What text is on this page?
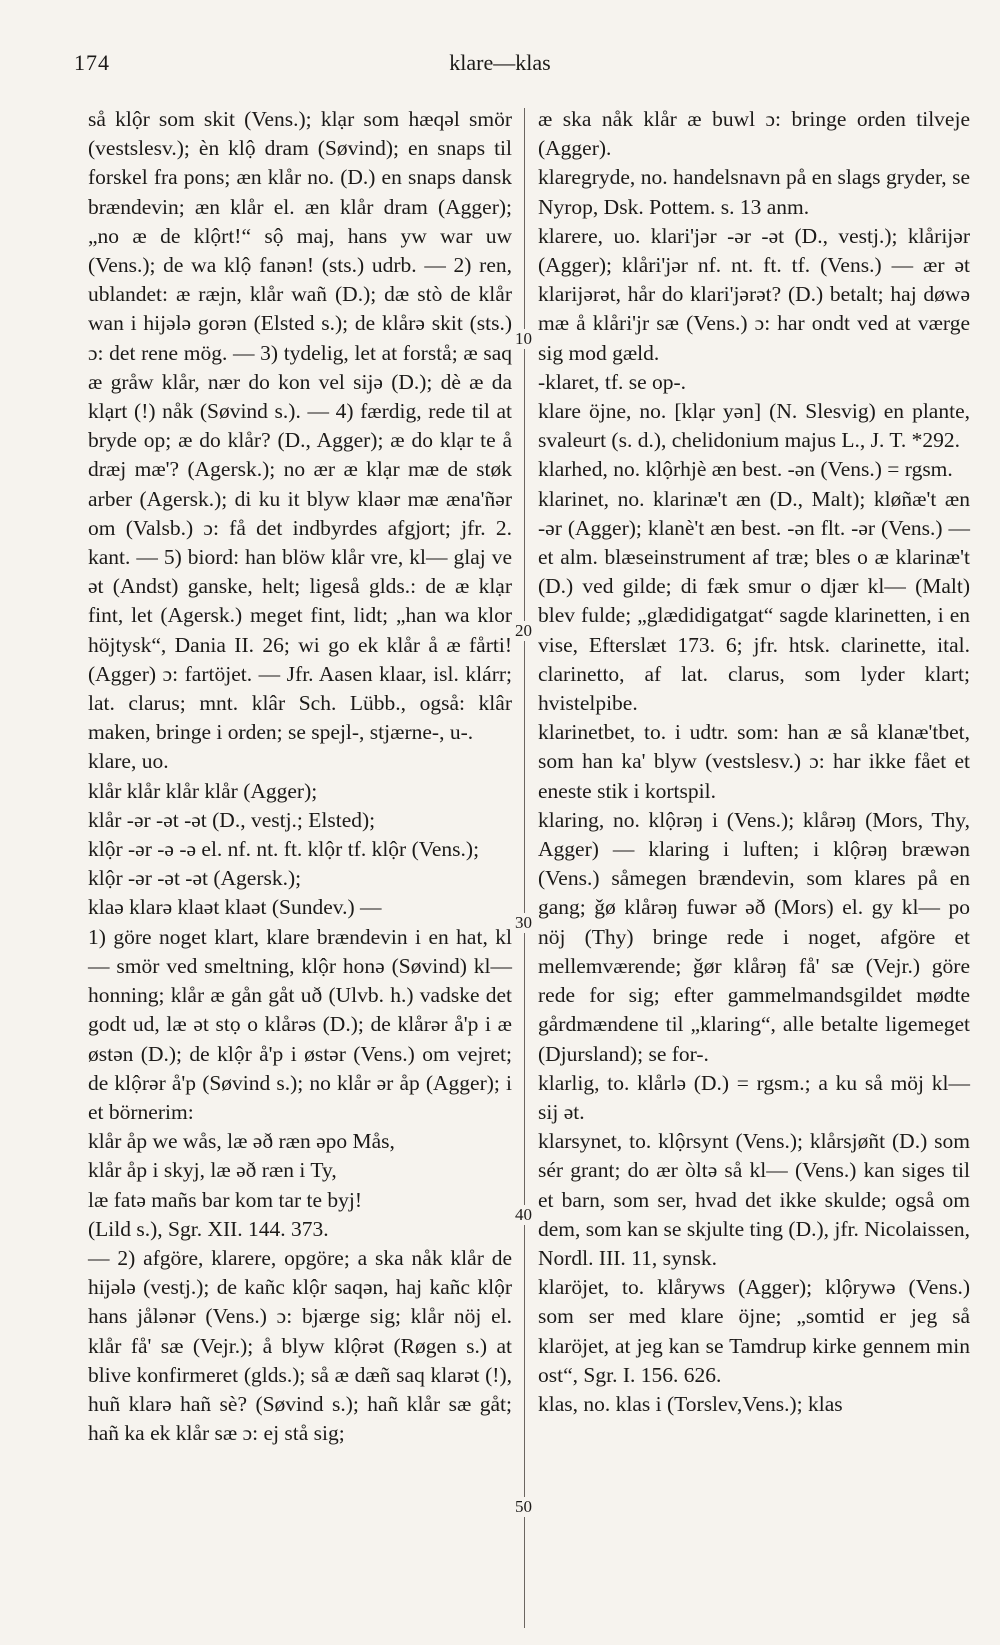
174	klare—klas
10
20
30
40
50

så klộr som skit (Vens.); klạr som hæqəl smör (vestslesv.); èn klộ dram (Søvind); en snaps til forskel fra pons; æn klår no. (D.) en snaps dansk brændevin; æn klår el. æn klår dram (Agger); „no æ de klộrt!“ sộ maj, hans yw war uw (Vens.); de wa klộ fanən! (sts.) udrb. — 2) ren, ublandet: æ ræjn, klår wañ (D.); dæ stò de klår wan i hijələ gorən (Elsted s.); de klårə skit (sts.) ɔ: det rene mög. — 3) tydelig, let at forstå; æ saq æ gråw klår, nær do kon vel sijə (D.); dè æ da klạrt (!) nåk (Søvind s.). — 4) færdig, rede til at bryde op; æ do klår? (D., Agger); æ do klạr te å dræj mæ'? (Agersk.); no ær æ klạr mæ de støk arber (Agersk.); di ku it blyw klaər mæ æna'ñər om (Valsb.) ɔ: få det indbyrdes afgjort; jfr. 2. kant. — 5) biord: han blöw klår vre, kl— glaj ve ət (Andst) ganske, helt; ligeså glds.: de æ klạr fint, let (Agersk.) meget fint, lidt; „han wa klor höjtysk“, Dania II. 26; wi go ek klår å æ fårti! (Agger) ɔ: fartöjet. — Jfr. Aasen klaar, isl. klárr; lat. clarus; mnt. klâr Sch. Lübb., også: klâr maken, bringe i orden; se spejl-, stjærne-, u-.
klare, uo.
klår klår klår klår (Agger);
klår -ər -ət -ət (D., vestj.; Elsted);
klộr -ər -ə -ə el. nf. nt. ft. klộr tf. klộr (Vens.);
klộr -ər -ət -ət (Agersk.);
klaə klarə klaət klaət (Sundev.) —
1) göre noget klart, klare brændevin i en hat, kl— smör ved smeltning, klộr honə (Søvind) kl— honning; klår æ gån gåt uð (Ulvb. h.) vadske det godt ud, læ ət stọ o klårəs (D.); de klårər å'p i æ østən (D.); de klộr å'p i østər (Vens.) om vejret; de klộrər å'p (Søvind s.); no klår ər åp (Agger); i et börnerim:
klår åp we wås, læ əð ræn əpo Mås,
klår åp i skyj, læ əð ræn i Ty,
læ fatə mañs bar kom tar te byj!
(Lild s.), Sgr. XII. 144. 373.
— 2) afgöre, klarere, opgöre; a ska nåk klår de hijələ (vestj.); de kañc klộr saqən, haj kañc klộr hans jålənər (Vens.) ɔ: bjærge sig; klår nöj el. klår få' sæ (Vejr.); å blyw klộrət (Røgen s.) at blive konfirmeret (glds.); så æ dæñ saq klarət (!), huñ klarə hañ sè? (Søvind s.); hañ klår sæ gåt; hañ ka ek klår sæ ɔ: ej stå sig;

æ ska nåk klår æ buwl ɔ: bringe orden tilveje (Agger).
klaregryde, no. handelsnavn på en slags gryder, se Nyrop, Dsk. Pottem. s. 13 anm.
klarere, uo. klari'jər -ər -ət (D., vestj.); klårijər (Agger); klåri'jər nf. nt. ft. tf. (Vens.) — ær ət klarijərət, hår do klari'jərət? (D.) betalt; haj døwə mæ å klåri'jr sæ (Vens.) ɔ: har ondt ved at værge sig mod gæld.
-klaret, tf. se op-.
klare öjne, no. [klạr yən] (N. Slesvig) en plante, svaleurt (s. d.), chelidonium majus L., J. T. *292.
klarhed, no. klộrhjè æn best. -ən (Vens.) = rgsm.
klarinet, no. klarinæ't æn (D., Malt); kløñæ't æn -ər (Agger); klanè't æn best. -ən flt. -ər (Vens.) — et alm. blæseinstrument af træ; bles o æ klarinæ't (D.) ved gilde; di fæk smur o djær kl— (Malt) blev fulde; „glædidigatgat“ sagde klarinetten, i en vise, Efterslæt 173. 6; jfr. htsk. clarinette, ital. clarinetto, af lat. clarus, som lyder klart; hvistelpibe.
klarinetbet, to. i udtr. som: han æ så klanæ'tbet, som han ka' blyw (vestslesv.) ɔ: har ikke fået et eneste stik i kortspil.
klaring, no. klộrəŋ i (Vens.); klårəŋ (Mors, Thy, Agger) — klaring i luften; i klộrəŋ bræwən (Vens.) såmegen brændevin, som klares på en gang; ǧø klårəŋ fuwər əð (Mors) el. gy kl— po nöj (Thy) bringe rede i noget, afgöre et mellemværende; ǧør klårəŋ få' sæ (Vejr.) göre rede for sig; efter gammelmandsgildet mødte gårdmændene til „klaring“, alle betalte ligemeget (Djursland); se for-.
klarlig, to. klårlə (D.) = rgsm.; a ku så möj kl— sij ət.
klarsynet, to. klộrsynt (Vens.); klårsjøñt (D.) som sér grant; do ær òltə så kl— (Vens.) kan siges til et barn, som ser, hvad det ikke skulde; også om dem, som kan se skjulte ting (D.), jfr. Nicolaissen, Nordl. III. 11, synsk.
klaröjet, to. klåryws (Agger); klộrywə (Vens.) som ser med klare öjne; „somtid er jeg så klaröjet, at jeg kan se Tamdrup kirke gennem min ost“, Sgr. I. 156. 626.
klas, no. klas i (Torslev,Vens.); klas
